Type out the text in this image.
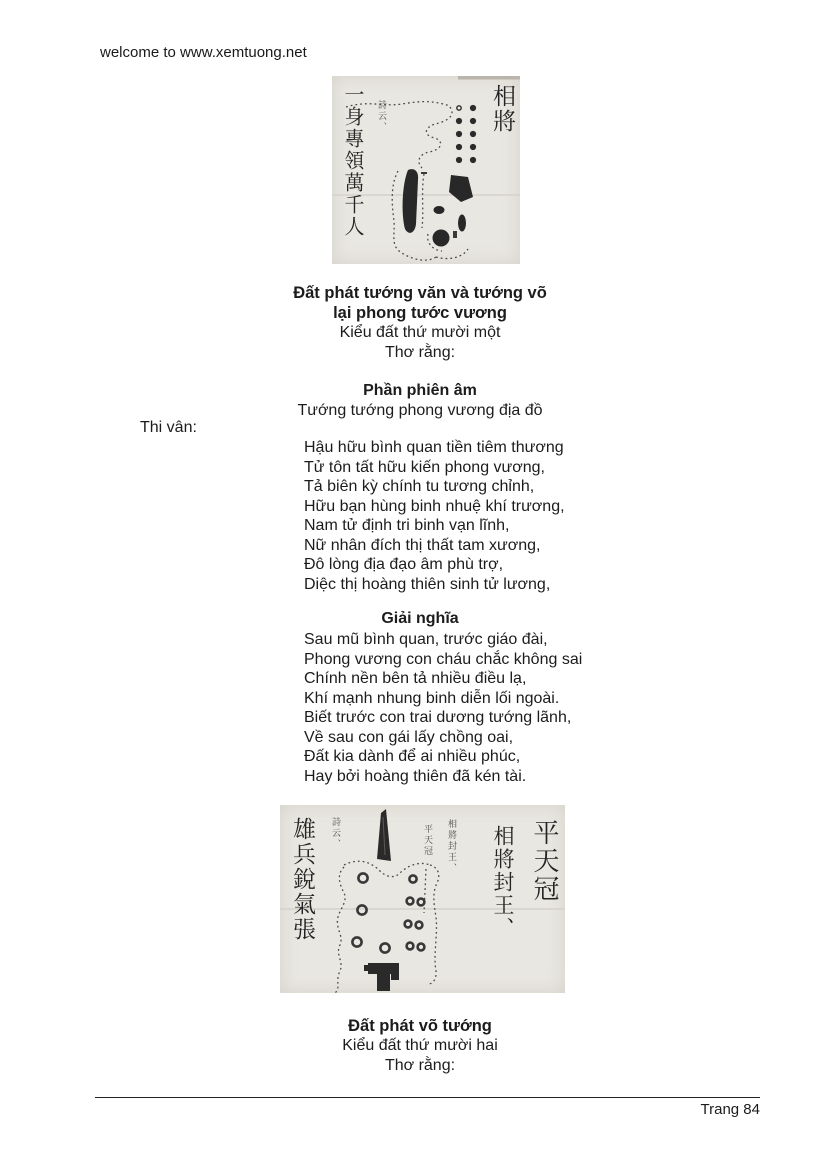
welcome to www.xemtuong.net
一身專領萬千人	相將
詩云、
Đất phát tướng văn và tướng võ
lại phong tước vương
Kiểu đất thứ mười một
Thơ rằng:
Phần phiên âm
Tướng tướng phong vương địa đồ
Thi vân:
Hậu hữu bình quan tiền tiêm thương
Tử tôn tất hữu kiến phong vương,
Tả biên kỳ chính tu tương chỉnh,
Hữu bạn hùng binh nhuệ khí trương,
Nam tử định tri binh vạn lĩnh,
Nữ nhân đích thị thất tam xương,
Đô lòng địa đạo âm phù trợ,
Diệc thị hoàng thiên sinh tử lương,
Giải nghĩa
Sau mũ bình quan, trước giáo đài,
Phong vương con cháu chắc không sai
Chính nền bên tả nhiều điều lạ,
Khí mạnh nhung binh diễn lối ngoài.
Biết trước con trai dương tướng lãnh,
Về sau con gái lấy chồng oai,
Đất kia dành để ai nhiều phúc,
Hay bởi hoàng thiên đã kén tài.
雄兵銳氣張	平天冠
相將封王、
相將封王、
平天冠
詩云、
Đất phát võ tướng
Kiểu đất thứ mười hai
Thơ rằng:
Trang 84
